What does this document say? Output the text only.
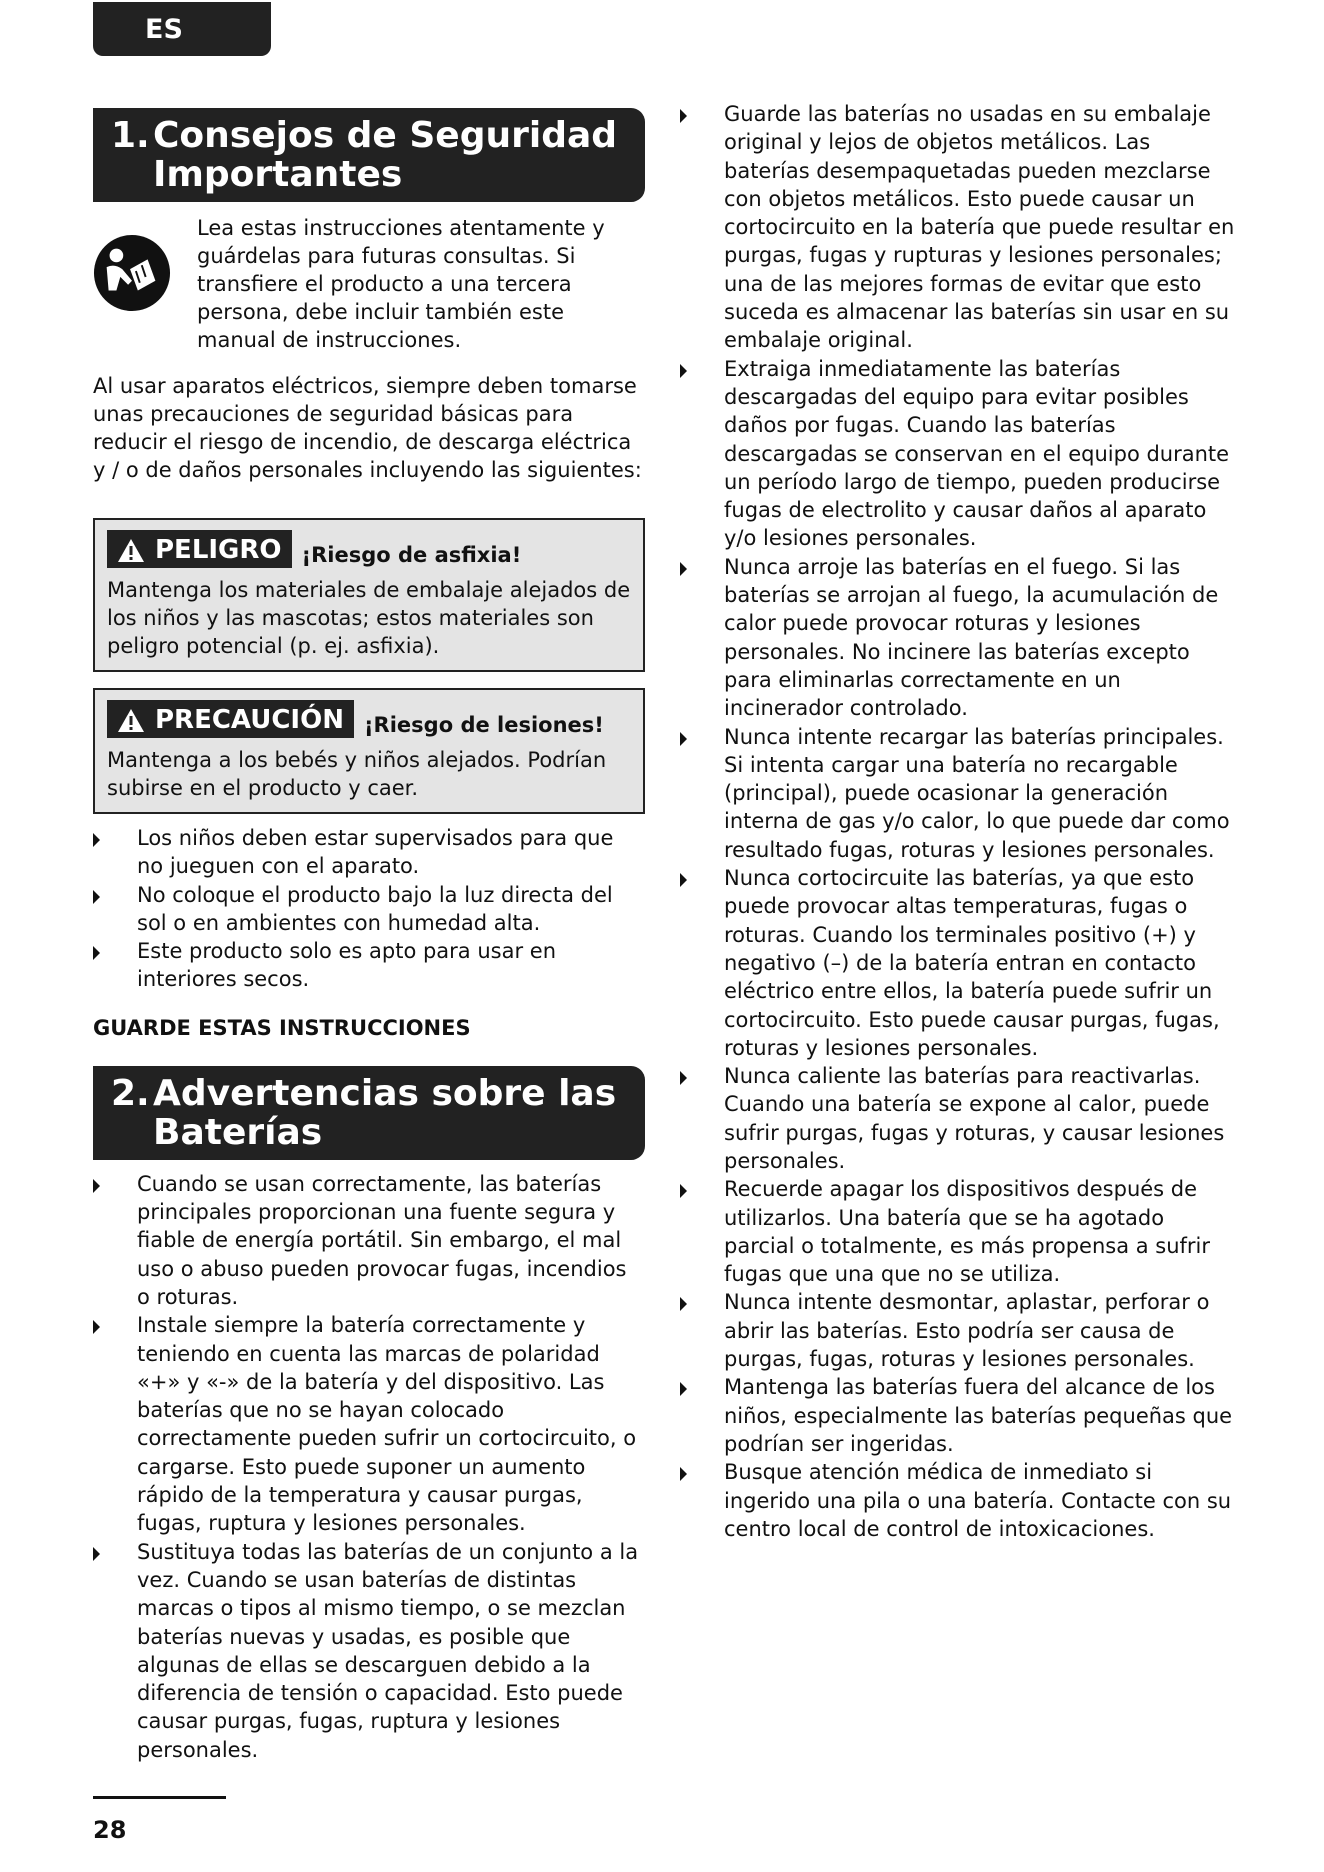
ES
1. Consejos de Seguridad Importantes
Lea estas instrucciones atentamente y guárdelas para futuras consultas. Si transfiere el producto a una tercera persona, debe incluir también este manual de instrucciones.

Al usar aparatos eléctricos, siempre deben tomarse unas precauciones de seguridad básicas para reducir el riesgo de incendio, de descarga eléctrica y / o de daños personales incluyendo las siguientes:

PELIGRO ¡Riesgo de asfixia!
Mantenga los materiales de embalaje alejados de los niños y las mascotas; estos materiales son peligro potencial (p. ej. asfixia).
PRECAUCIÓN ¡Riesgo de lesiones!
Mantenga a los bebés y niños alejados. Podrían subirse en el producto y caer.
Los niños deben estar supervisados para que no jueguen con el aparato.
No coloque el producto bajo la luz directa del sol o en ambientes con humedad alta.
Este producto solo es apto para usar en interiores secos.
GUARDE ESTAS INSTRUCCIONES
2. Advertencias sobre las Baterías
Cuando se usan correctamente, las baterías principales proporcionan una fuente segura y fiable de energía portátil. Sin embargo, el mal uso o abuso pueden provocar fugas, incendios o roturas.
Instale siempre la batería correctamente y teniendo en cuenta las marcas de polaridad «+» y «-» de la batería y del dispositivo. Las baterías que no se hayan colocado correctamente pueden sufrir un cortocircuito, o cargarse. Esto puede suponer un aumento rápido de la temperatura y causar purgas, fugas, ruptura y lesiones personales.
Sustituya todas las baterías de un conjunto a la vez. Cuando se usan baterías de distintas marcas o tipos al mismo tiempo, o se mezclan baterías nuevas y usadas, es posible que algunas de ellas se descarguen debido a la diferencia de tensión o capacidad. Esto puede causar purgas, fugas, ruptura y lesiones personales.
Guarde las baterías no usadas en su embalaje original y lejos de objetos metálicos. Las baterías desempaquetadas pueden mezclarse con objetos metálicos. Esto puede causar un cortocircuito en la batería que puede resultar en purgas, fugas y rupturas y lesiones personales; una de las mejores formas de evitar que esto suceda es almacenar las baterías sin usar en su embalaje original.
Extraiga inmediatamente las baterías descargadas del equipo para evitar posibles daños por fugas. Cuando las baterías descargadas se conservan en el equipo durante un período largo de tiempo, pueden producirse fugas de electrolito y causar daños al aparato y/o lesiones personales.
Nunca arroje las baterías en el fuego. Si las baterías se arrojan al fuego, la acumulación de calor puede provocar roturas y lesiones personales. No incinere las baterías excepto para eliminarlas correctamente en un incinerador controlado.
Nunca intente recargar las baterías principales. Si intenta cargar una batería no recargable (principal), puede ocasionar la generación interna de gas y/o calor, lo que puede dar como resultado fugas, roturas y lesiones personales.
Nunca cortocircuite las baterías, ya que esto puede provocar altas temperaturas, fugas o roturas. Cuando los terminales positivo (+) y negativo (–) de la batería entran en contacto eléctrico entre ellos, la batería puede sufrir un cortocircuito. Esto puede causar purgas, fugas, roturas y lesiones personales.
Nunca caliente las baterías para reactivarlas. Cuando una batería se expone al calor, puede sufrir purgas, fugas y roturas, y causar lesiones personales.
Recuerde apagar los dispositivos después de utilizarlos. Una batería que se ha agotado parcial o totalmente, es más propensa a sufrir fugas que una que no se utiliza.
Nunca intente desmontar, aplastar, perforar o abrir las baterías. Esto podría ser causa de purgas, fugas, roturas y lesiones personales.
Mantenga las baterías fuera del alcance de los niños, especialmente las baterías pequeñas que podrían ser ingeridas.
Busque atención médica de inmediato si ingerido una pila o una batería. Contacte con su centro local de control de intoxicaciones.
28
